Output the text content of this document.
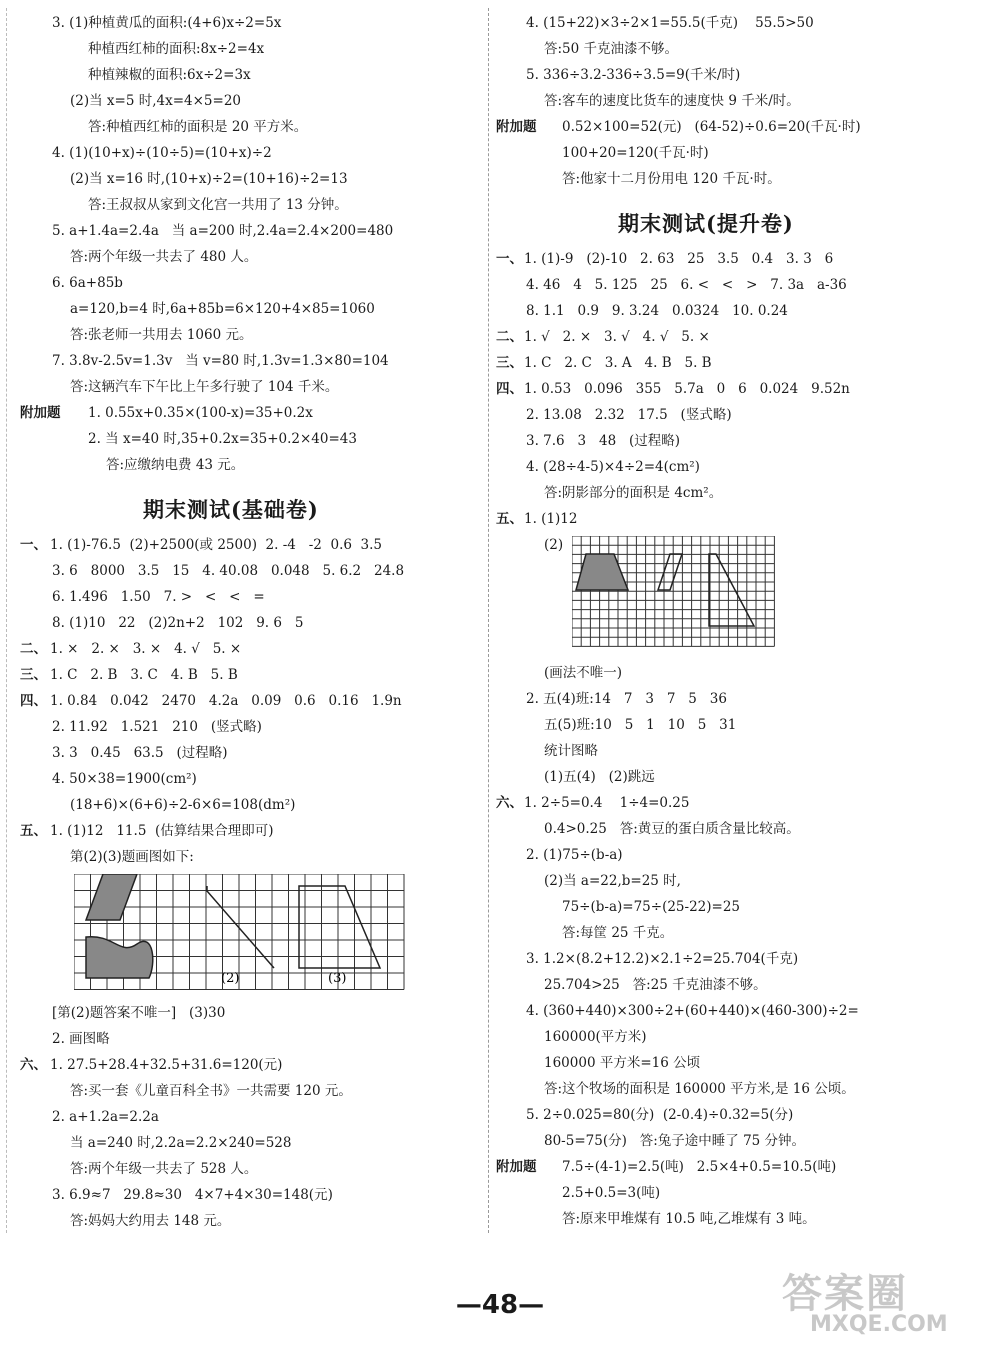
3. (1)种植黄瓜的面积:(4+6)x÷2=5x
种植西红柿的面积:8x÷2=4x
种植辣椒的面积:6x÷2=3x
(2)当 x=5 时,4x=4×5=20
答:种植西红柿的面积是 20 平方米。
4. (1)(10+x)÷(10÷5)=(10+x)÷2
(2)当 x=16 时,(10+x)÷2=(10+16)÷2=13
答:王叔叔从家到文化宫一共用了 13 分钟。
5. a+1.4a=2.4a   当 a=200 时,2.4a=2.4×200=480
答:两个年级一共去了 480 人。
6. 6a+85b
a=120,b=4 时,6a+85b=6×120+4×85=1060
答:张老师一共用去 1060 元。
7. 3.8v-2.5v=1.3v   当 v=80 时,1.3v=1.3×80=104
答:这辆汽车下午比上午多行驶了 104 千米。
附加题 1. 0.55x+0.35×(100-x)=35+0.2x
2. 当 x=40 时,35+0.2x=35+0.2×40=43
答:应缴纳电费 43 元。
期末测试(基础卷)
一、 1. (1)-76.5  (2)+2500(或 2500)  2. -4   -2  0.6  3.5
3. 6   8000   3.5   15   4. 40.08   0.048   5. 6.2   24.8
6. 1.496   1.50   7. >   <   <   =
8. (1)10   22   (2)2n+2   102   9. 6   5
二、 1. ×   2. ×   3. ×   4. √   5. ×
三、 1. C   2. B   3. C   4. B   5. B
四、 1. 0.84   0.042   2470   4.2a   0.09   0.6   0.16   1.9n
2. 11.92   1.521   210   (竖式略)
3. 3   0.45   63.5   (过程略)
4. 50×38=1900(cm²)
(18+6)×(6+6)÷2-6×6=108(dm²)
五、 1. (1)12   11.5  (估算结果合理即可)
第(2)(3)题画图如下:
(2)	(3)
[第(2)题答案不唯一]   (3)30
2. 画图略
六、 1. 27.5+28.4+32.5+31.6=120(元)
答:买一套《儿童百科全书》一共需要 120 元。
2. a+1.2a=2.2a
当 a=240 时,2.2a=2.2×240=528
答:两个年级一共去了 528 人。
3. 6.9≈7   29.8≈30   4×7+4×30=148(元)
答:妈妈大约用去 148 元。
4. (15+22)×3÷2×1=55.5(千克)    55.5>50
答:50 千克油漆不够。
5. 336÷3.2-336÷3.5=9(千米/时)
答:客车的速度比货车的速度快 9 千米/时。
附加题 0.52×100=52(元)   (64-52)÷0.6=20(千瓦·时)
100+20=120(千瓦·时)
答:他家十二月份用电 120 千瓦·时。
期末测试(提升卷)
一、 1. (1)-9   (2)-10   2. 63   25   3.5   0.4   3. 3   6
4. 46   4   5. 125   25   6. <   <   >   7. 3a   a-36
8. 1.1   0.9   9. 3.24   0.0324   10. 0.24
二、 1. √   2. ×   3. √   4. √   5. ×
三、 1. C   2. C   3. A   4. B   5. B
四、 1. 0.53   0.096   355   5.7a   0   6   0.024   9.52n
2. 13.08   2.32   17.5   (竖式略)
3. 7.6   3   48   (过程略)
4. (28÷4-5)×4÷2=4(cm²)
答:阴影部分的面积是 4cm²。
五、 1. (1)12
(2)
(画法不唯一)
2. 五(4)班:14   7   3   7   5   36
五(5)班:10   5   1   10   5   31
统计图略
(1)五(4)   (2)跳远
六、 1. 2÷5=0.4    1÷4=0.25
0.4>0.25   答:黄豆的蛋白质含量比较高。
2. (1)75÷(b-a)
(2)当 a=22,b=25 时,
75÷(b-a)=75÷(25-22)=25
答:每筐 25 千克。
3. 1.2×(8.2+12.2)×2.1÷2=25.704(千克)
25.704>25   答:25 千克油漆不够。
4. (360+440)×300÷2+(60+440)×(460-300)÷2=
160000(平方米)
160000 平方米=16 公顷
答:这个牧场的面积是 160000 平方米,是 16 公顷。
5. 2÷0.025=80(分)  (2-0.4)÷0.32=5(分)
80-5=75(分)   答:兔子途中睡了 75 分钟。
附加题 7.5÷(4-1)=2.5(吨)   2.5×4+0.5=10.5(吨)
2.5+0.5=3(吨)
答:原来甲堆煤有 10.5 吨,乙堆煤有 3 吨。
—48—	答案圈
MXQE.COM
